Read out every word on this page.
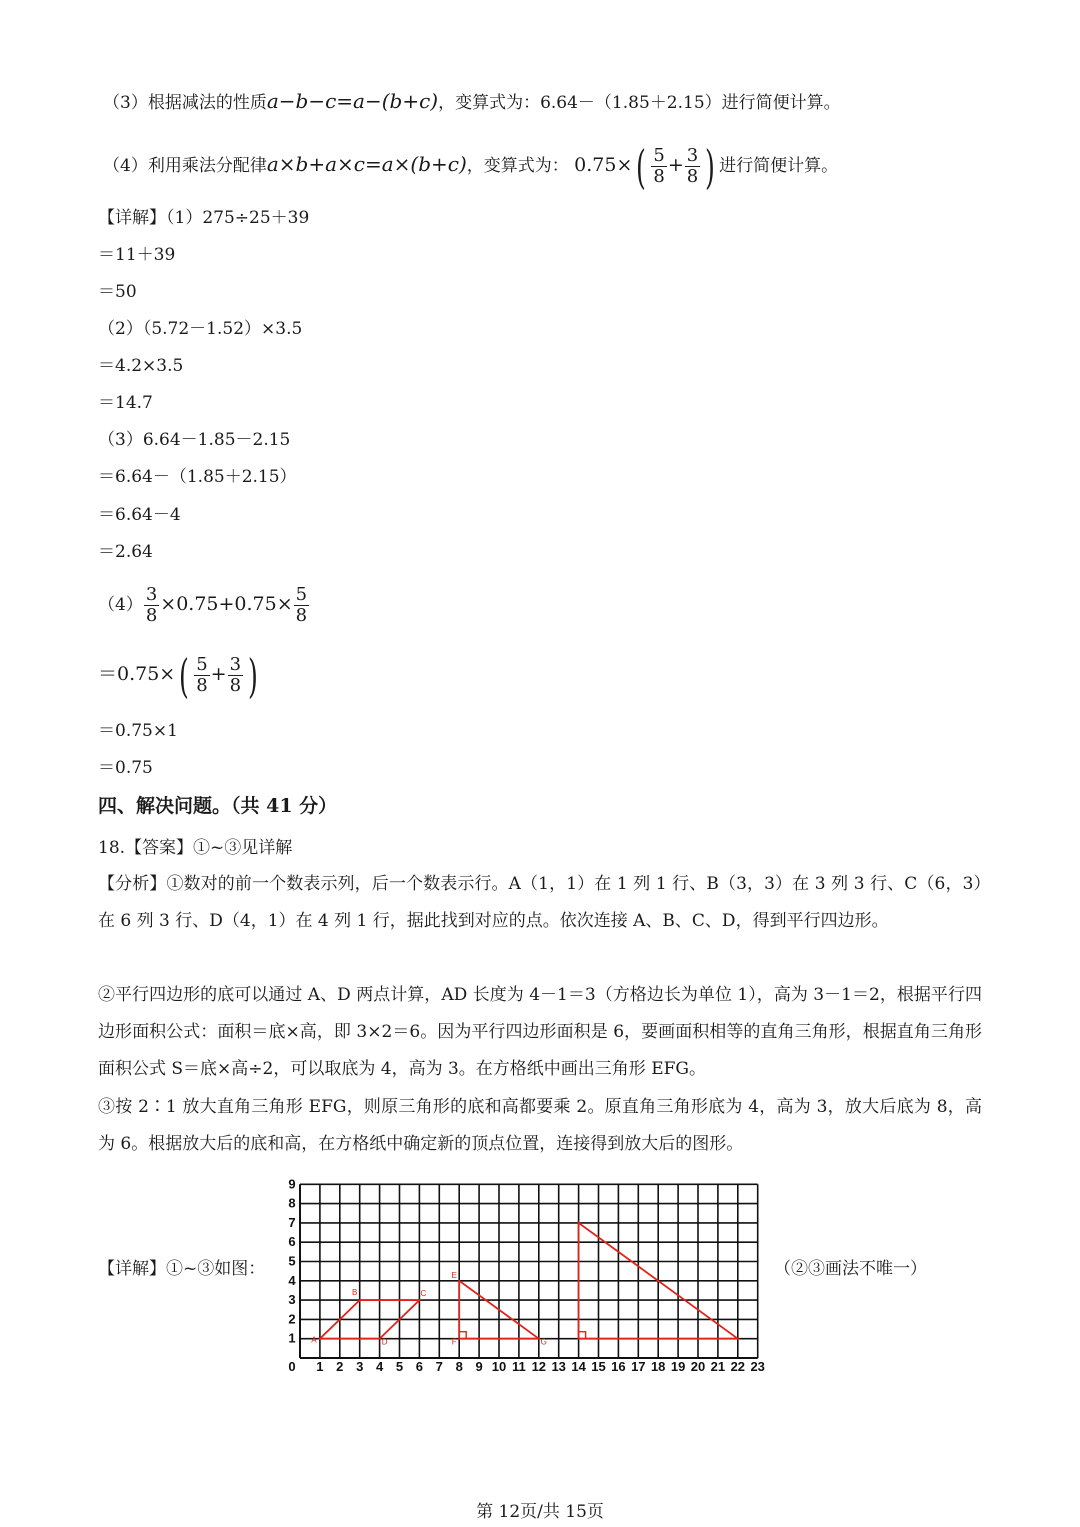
（3）根据减法的性质a−b−c=a−(b+c)，变算式为：6.64－（1.85＋2.15）进行简便计算。
（4）利用乘法分配律a×b+a×c=a×(b+c)，变算式为： $0.75\times( \frac{5}{8} + \frac{3}{8}$ ) 进行简便计算。
【详解】（1）275÷25＋39
＝11＋39
＝50
（2）（5.72－1.52）×3.5
＝4.2×3.5
＝14.7
（3）6.64－1.85－2.15
＝6.64－（1.85＋2.15）
＝6.64－4
＝2.64
$(4) \frac{3}{8} \times 0.75+0.75\times \frac{5}{8}$
$=0.75\times( \frac{5}{8} + \frac{3}{8}$ )
＝0.75×1
＝0.75
四、解决问题。（共 41 分）
18.【答案】①~③见详解
【分析】①数对的前一个数表示列，后一个数表示行。A（1，1）在 1 列 1 行、B（3，3）在 3 列 3 行、C（6，3）在 6 列 3 行、D（4，1）在 4 列 1 行，据此找到对应的点。依次连接 A、B、C、D，得到平行四边形。
②平行四边形的底可以通过 A、D 两点计算，AD 长度为 4－1＝3（方格边长为单位 1），高为 3－1＝2，根据平行四边形面积公式：面积＝底×高，即 3×2＝6。因为平行四边形面积是 6，要画面积相等的直角三角形，根据直角三角形面积公式 S＝底×高÷2，可以取底为 4，高为 3。在方格纸中画出三角形 EFG。
③按 2∶1 放大直角三角形 EFG，则原三角形的底和高都要乘 2。原直角三角形底为 4，高为 3，放大后底为 8，高为 6。根据放大后的底和高，在方格纸中确定新的顶点位置，连接得到放大后的图形。
【详解】①~③如图：	（②③画法不唯一）
0 1 2 3 4 5 6 7 8 9 10 11 12 13 14 15 16 17 18 19 20 21 22 23
1
2
3
4
5
6
7
8
9
A
B	C
D
E
F	G
第 12页/共 15页
